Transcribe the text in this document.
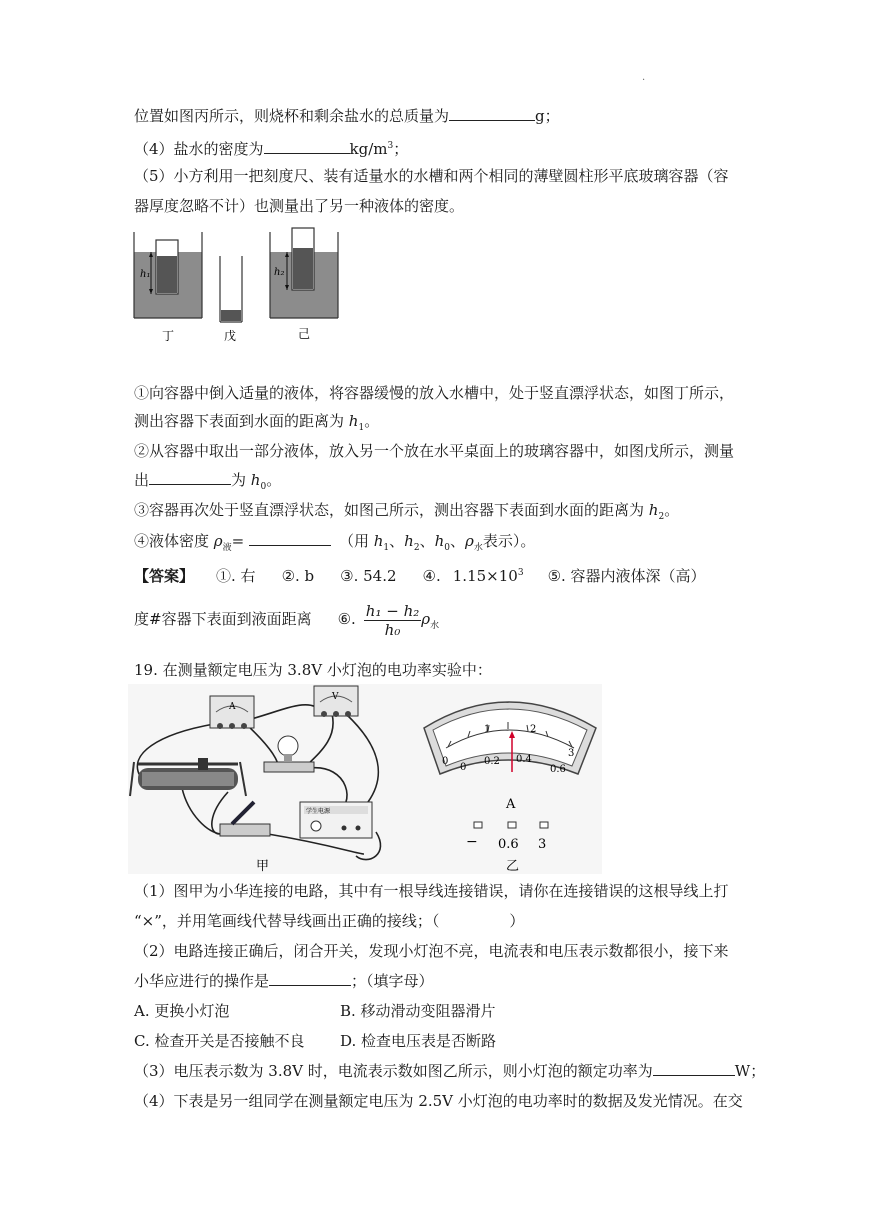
.
位置如图丙所示，则烧杯和剩余盐水的总质量为	g；
（4）盐水的密度为	$kg/m^3$；
（5）小方利用一把刻度尺、装有适量水的水槽和两个相同的薄壁圆柱形平底玻璃容器（容
器厚度忽略不计）也测量出了另一种液体的密度。
h₁	h₂
丁	戊	己
①向容器中倒入适量的液体，将容器缓慢的放入水槽中，处于竖直漂浮状态，如图丁所示，
测出容器下表面到水面的距离为 $h_1$。
②从容器中取出一部分液体，放入另一个放在水平桌面上的玻璃容器中，如图戊所示，测量
出	为 $h_0$。
③容器再次处于竖直漂浮状态，如图己所示，测出容器下表面到水面的距离为 $h_2$。
④液体密度 $\rho_液=$	（用 $h_1$、$h_2$、$h_0$、$\rho_水$表示）。
【答案】 ①. 右 ②. b ③. 54.2 ④. $1.15\times 10^3$ ⑤. 容器内液体深（高）
度#容器下表面到液面距离 ⑥. $\frac{\text{h₁ − h₂}}{\text{h₀}} \rho_水$
19. 在测量额定电压为 3.8V 小灯泡的电功率实验中：
A
V
学生电源
0
1	2
3
0
0.2 0.4
0.6
A
− 0.6 3
甲	乙
（1）图甲为小华连接的电路，其中有一根导线连接错误，请你在连接错误的这根导线上打
“×”，并用笔画线代替导线画出正确的接线；（	）
（2）电路连接正确后，闭合开关，发现小灯泡不亮，电流表和电压表示数都很小，接下来
小华应进行的操作是	；（填字母）
A. 更换小灯泡	B. 移动滑动变阻器滑片
C. 检查开关是否接触不良 D. 检查电压表是否断路
（3）电压表示数为 3.8V 时，电流表示数如图乙所示，则小灯泡的额定功率为	W；
（4）下表是另一组同学在测量额定电压为 2.5V 小灯泡的电功率时的数据及发光情况。在交
